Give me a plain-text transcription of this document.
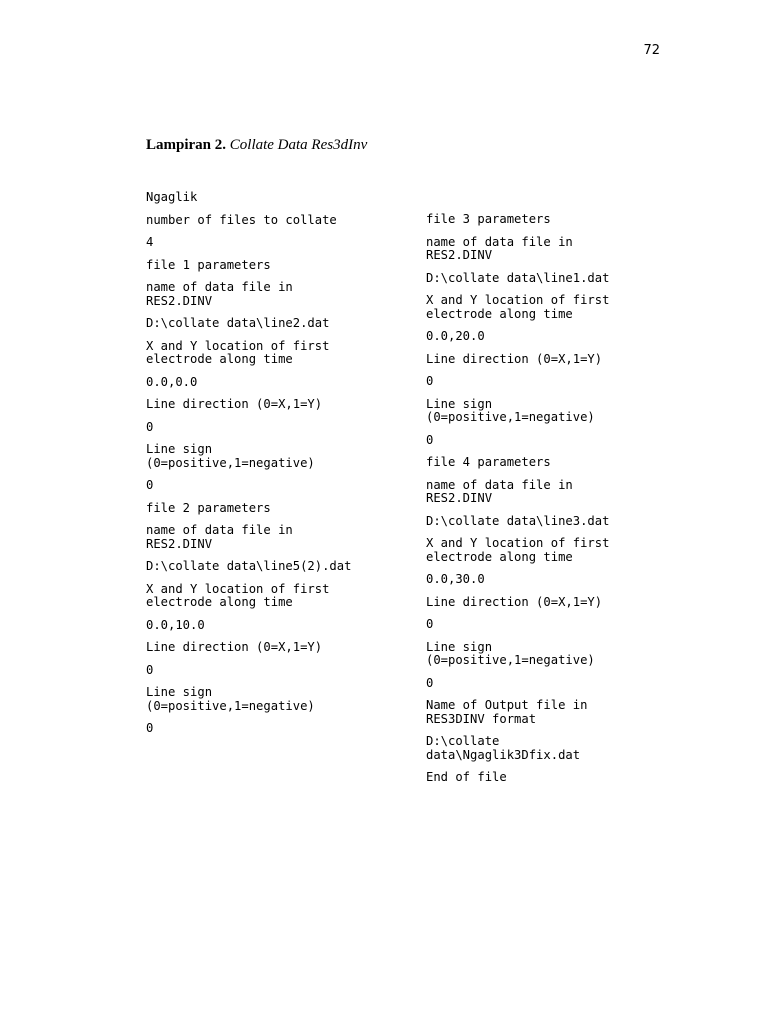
72
Lampiran 2. Collate Data Res3dInv

Ngaglik

number of files to collate

4

file 1 parameters

name of data file in
RES2.DINV

D:\collate data\line2.dat

X and Y location of first
electrode along time

0.0,0.0

Line direction (0=X,1=Y)

0

Line sign
(0=positive,1=negative)

0

file 2 parameters

name of data file in
RES2.DINV

D:\collate data\line5(2).dat

X and Y location of first
electrode along time

0.0,10.0

Line direction (0=X,1=Y)

0

Line sign
(0=positive,1=negative)

0

file 3 parameters

name of data file in
RES2.DINV

D:\collate data\line1.dat

X and Y location of first
electrode along time

0.0,20.0

Line direction (0=X,1=Y)

0

Line sign
(0=positive,1=negative)

0

file 4 parameters

name of data file in
RES2.DINV

D:\collate data\line3.dat

X and Y location of first
electrode along time

0.0,30.0

Line direction (0=X,1=Y)

0

Line sign
(0=positive,1=negative)

0

Name of Output file in
RES3DINV format

D:\collate
data\Ngaglik3Dfix.dat

End of file
